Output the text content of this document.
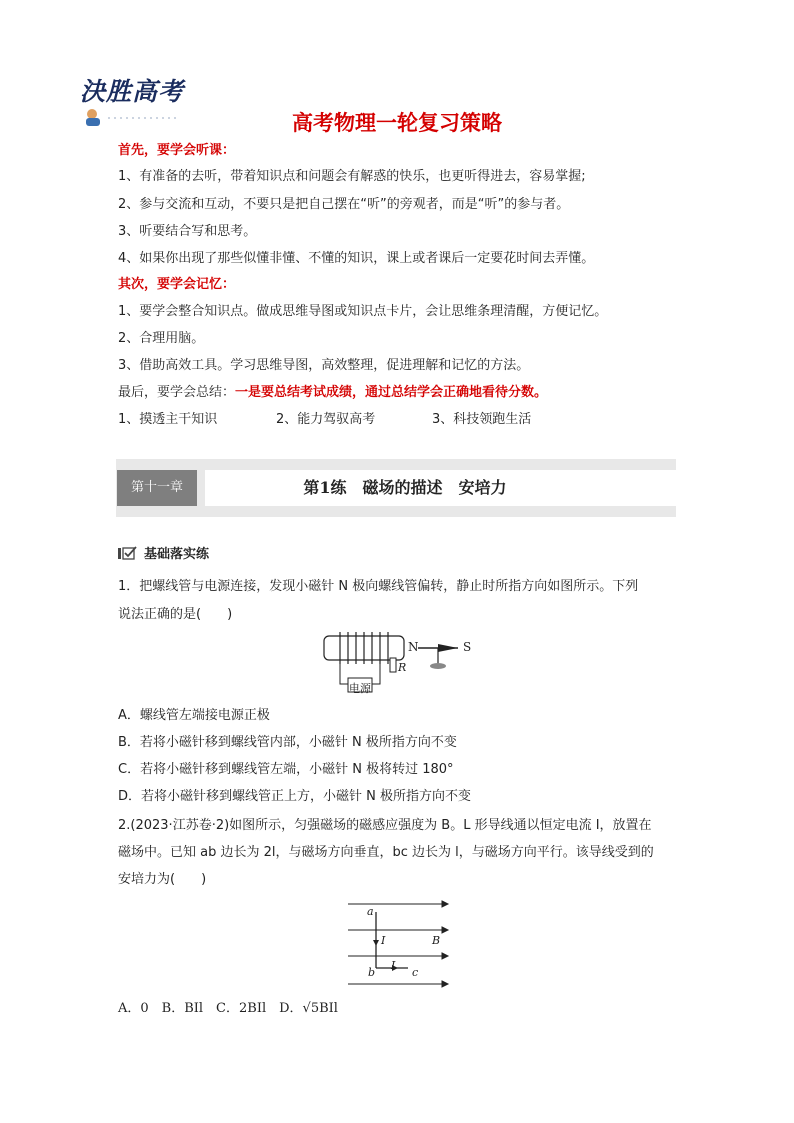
決胜高考
高考物理一轮复习策略
首先，要学会听课：
1、有准备的去听，带着知识点和问题会有解惑的快乐，也更听得进去，容易掌握;
2、参与交流和互动，不要只是把自己摆在“听”的旁观者，而是“听”的参与者。
3、听要结合写和思考。
4、如果你出现了那些似懂非懂、不懂的知识，课上或者课后一定要花时间去弄懂。
其次，要学会记忆：
1、要学会整合知识点。做成思维导图或知识点卡片，会让思维条理清醒，方便记忆。
2、合理用脑。
3、借助高效工具。学习思维导图，高效整理，促进理解和记忆的方法。
最后，要学会总结：一是要总结考试成绩，通过总结学会正确地看待分数。
1、摸透主干知识	2、能力驾驭高考	3、科技领跑生活
第十一章	第1练　磁场的描述　安培力
基础落实练
1．把螺线管与电源连接，发现小磁针 N 极向螺线管偏转，静止时所指方向如图所示。下列
说法正确的是(　　)
N	S
R
电源
A．螺线管左端接电源正极
B．若将小磁针移到螺线管内部，小磁针 N 极所指方向不变
C．若将小磁针移到螺线管左端，小磁针 N 极将转过 180°
D．若将小磁针移到螺线管正上方，小磁针 N 极所指方向不变
2.(2023·江苏卷·2)如图所示，匀强磁场的磁感应强度为 B。L 形导线通以恒定电流 I，放置在
磁场中。已知 ab 边长为 2l，与磁场方向垂直，bc 边长为 l，与磁场方向平行。该导线受到的
安培力为(　　)
a
I	B
I
b	c
A．0　B．BIl　C．2BIl　D．√5BIl
